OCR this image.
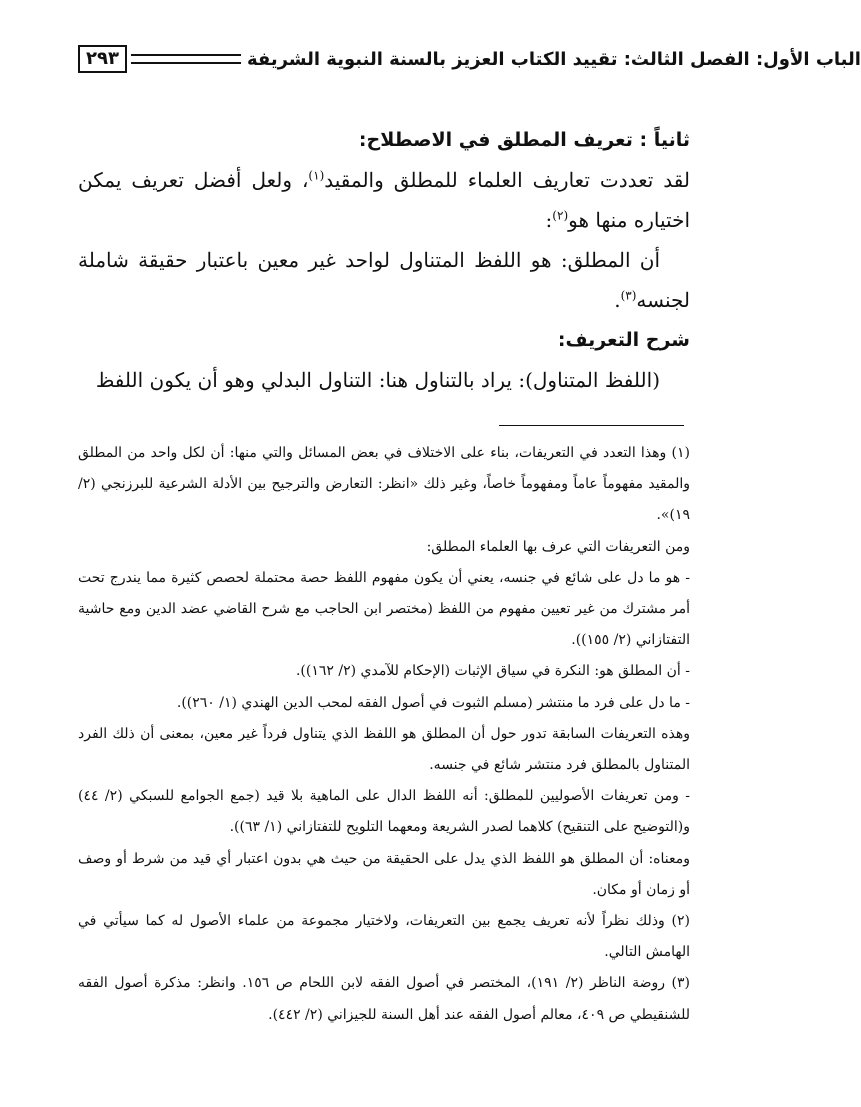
٢٩٣	الباب الأول: الفصل الثالث: تقييد الكتاب العزيز بالسنة النبوية الشريفة

ثانياً : تعريف المطلق في الاصطلاح:

لقد تعددت تعاريف العلماء للمطلق والمقيد$^{(١)}$، ولعل أفضل تعريف يمكن اختياره منها هو$^{(٢)}$:

أن المطلق: هو اللفظ المتناول لواحد غير معين باعتبار حقيقة شاملة لجنسه$^{(٣)}$.

شرح التعريف:

(اللفظ المتناول): يراد بالتناول هنا: التناول البدلي وهو أن يكون اللفظ

(١) وهذا التعدد في التعريفات، بناء على الاختلاف في بعض المسائل والتي منها: أن لكل واحد من المطلق والمقيد مفهوماً عاماً ومفهوماً خاصاً، وغير ذلك «انظر: التعارض والترجيح بين الأدلة الشرعية للبرزنجي (٢/ ١٩)».

ومن التعريفات التي عرف بها العلماء المطلق:

- هو ما دل على شائع في جنسه، يعني أن يكون مفهوم اللفظ حصة محتملة لحصص كثيرة مما يندرج تحت أمر مشترك من غير تعيين مفهوم من اللفظ (مختصر ابن الحاجب مع شرح القاضي عضد الدين ومع حاشية التفتازاني (٢/ ١٥٥)).

- أن المطلق هو: النكرة في سياق الإثبات (الإحكام للآمدي (٢/ ١٦٢)).

- ما دل على فرد ما منتشر (مسلم الثبوت في أصول الفقه لمحب الدين الهندي (١/ ٢٦٠)).

وهذه التعريفات السابقة تدور حول أن المطلق هو اللفظ الذي يتناول فرداً غير معين، بمعنى أن ذلك الفرد المتناول بالمطلق فرد منتشر شائع في جنسه.

- ومن تعريفات الأصوليين للمطلق: أنه اللفظ الدال على الماهية بلا قيد (جمع الجوامع للسبكي (٢/ ٤٤) و(التوضيح على التنقيح) كلاهما لصدر الشريعة ومعهما التلويح للتفتازاني (١/ ٦٣)).

ومعناه: أن المطلق هو اللفظ الذي يدل على الحقيقة من حيث هي بدون اعتبار أي قيد من شرط أو وصف أو زمان أو مكان.

(٢) وذلك نظراً لأنه تعريف يجمع بين التعريفات، ولاختيار مجموعة من علماء الأصول له كما سيأتي في الهامش التالي.

(٣) روضة الناظر (٢/ ١٩١)، المختصر في أصول الفقه لابن اللحام ص ١٥٦. وانظر: مذكرة أصول الفقه للشنقيطي ص ٤٠٩، معالم أصول الفقه عند أهل السنة للجيزاني (٢/ ٤٤٢).
